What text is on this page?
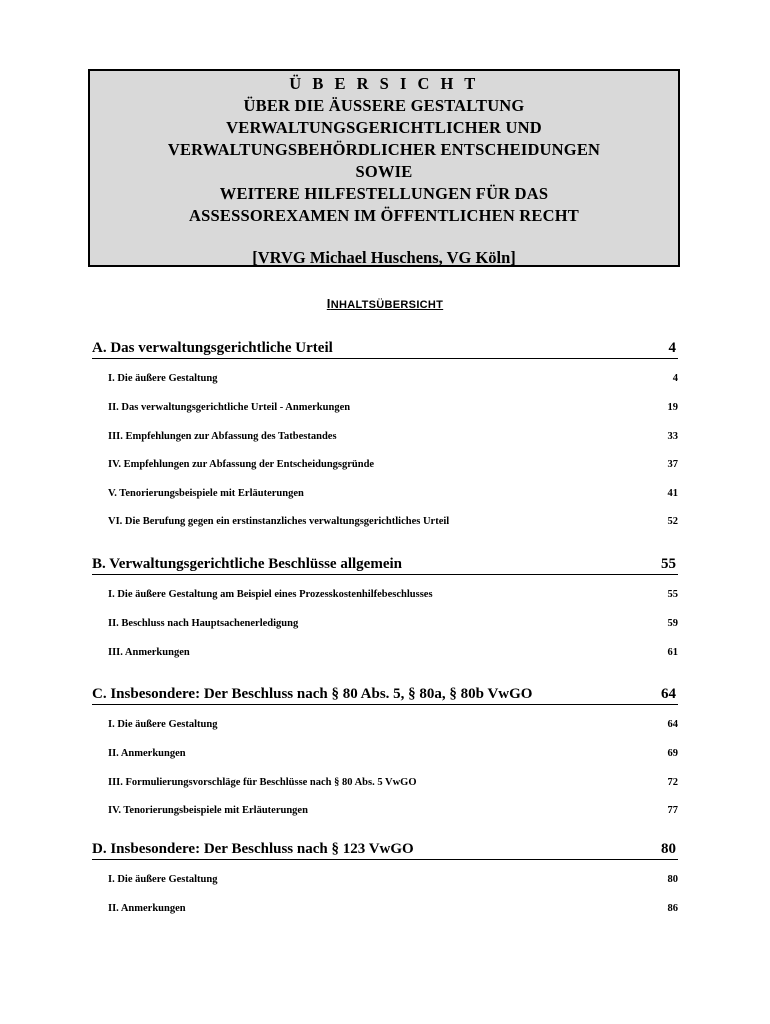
Ü B E R S I C H T
ÜBER DIE ÄUSSERE GESTALTUNG
VERWALTUNGSGERICHTLICHER UND
VERWALTUNGSBEHÖRDLICHER ENTSCHEIDUNGEN
SOWIE
WEITERE HILFESTELLUNGEN FÜR DAS
ASSESSOREXAMEN IM ÖFFENTLICHEN RECHT
[VRVG Michael Huschens, VG Köln]
INHALTSÜBERSICHT
A. Das verwaltungsgerichtliche Urteil	4
I. Die äußere Gestaltung	4
II. Das verwaltungsgerichtliche Urteil - Anmerkungen	19
III. Empfehlungen zur Abfassung des Tatbestandes	33
IV. Empfehlungen zur Abfassung der Entscheidungsgründe	37
V. Tenorierungsbeispiele mit Erläuterungen	41
VI. Die Berufung gegen ein erstinstanzliches verwaltungsgerichtliches Urteil	52
B. Verwaltungsgerichtliche Beschlüsse allgemein	55
I. Die äußere Gestaltung am Beispiel eines Prozesskostenhilfebeschlusses	55
II. Beschluss nach Hauptsachenerledigung	59
III. Anmerkungen	61
C. Insbesondere: Der Beschluss nach § 80 Abs. 5, § 80a, § 80b VwGO	64
I. Die äußere Gestaltung	64
II. Anmerkungen	69
III. Formulierungsvorschläge für Beschlüsse nach § 80 Abs. 5 VwGO	72
IV. Tenorierungsbeispiele mit Erläuterungen	77
D. Insbesondere: Der Beschluss nach § 123 VwGO	80
I. Die äußere Gestaltung	80
II. Anmerkungen	86
